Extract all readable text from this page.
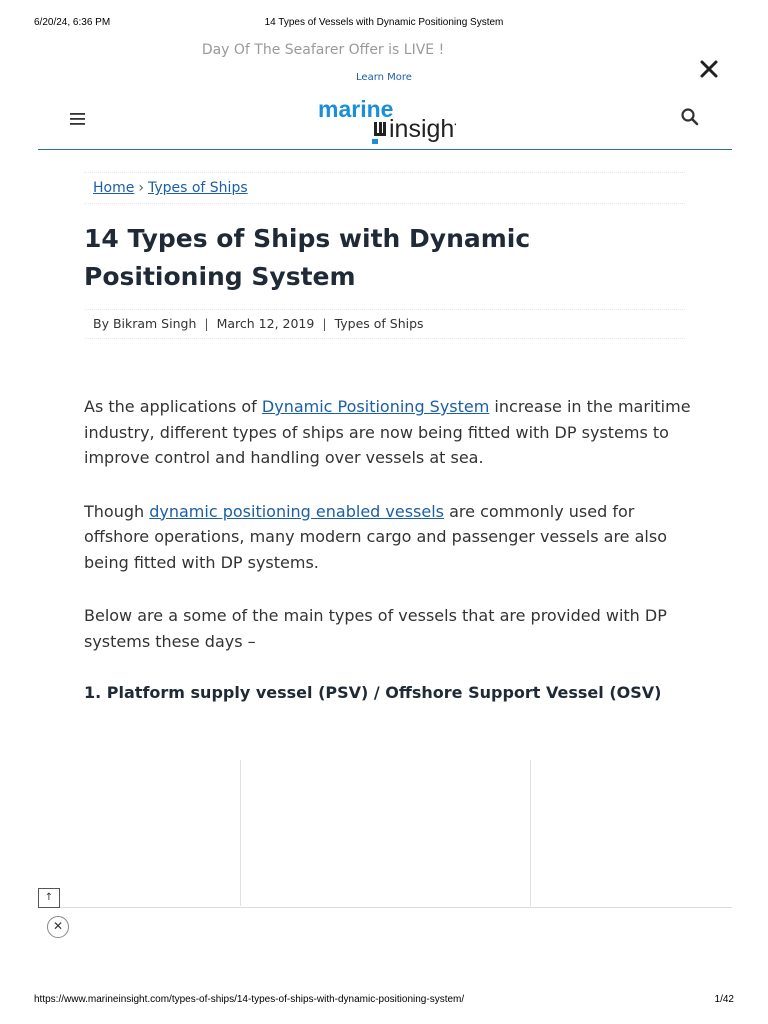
6/20/24, 6:36 PM	14 Types of Vessels with Dynamic Positioning System
Day Of The Seafarer Offer is LIVE !
Learn More
marine
insight
Home › Types of Ships
14 Types of Ships with Dynamic Positioning System
By Bikram Singh | March 12, 2019 | Types of Ships

As the applications of Dynamic Positioning System increase in the maritime industry, different types of ships are now being fitted with DP systems to improve control and handling over vessels at sea.

Though dynamic positioning enabled vessels are commonly used for offshore operations, many modern cargo and passenger vessels are also being fitted with DP systems.

Below are a some of the main types of vessels that are provided with DP systems these days –

1. Platform supply vessel (PSV) / Offshore Support Vessel (OSV)
↑
✕
https://www.marineinsight.com/types-of-ships/14-types-of-ships-with-dynamic-positioning-system/	1/42
